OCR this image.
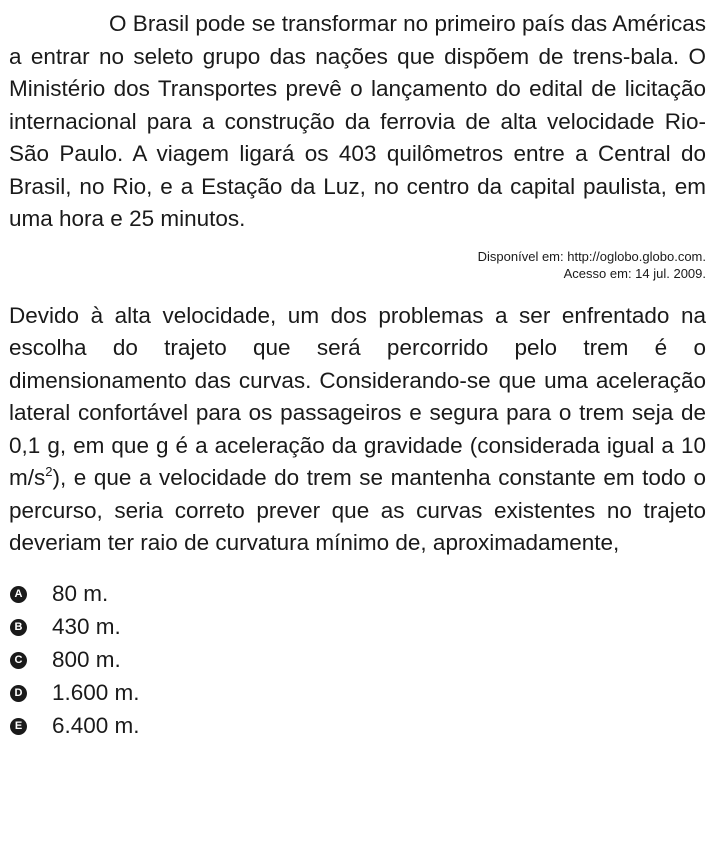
O Brasil pode se transformar no primeiro país das Américas a entrar no seleto grupo das nações que dispõem de trens-bala. O Ministério dos Transportes prevê o lançamento do edital de licitação internacional para a construção da ferrovia de alta velocidade Rio-São Paulo. A viagem ligará os 403 quilômetros entre a Central do Brasil, no Rio, e a Estação da Luz, no centro da capital paulista, em uma hora e 25 minutos.

Disponível em: http://oglobo.globo.com.
Acesso em: 14 jul. 2009.

Devido à alta velocidade, um dos problemas a ser enfrentado na escolha do trajeto que será percorrido pelo trem é o dimensionamento das curvas. Considerando-se que uma aceleração lateral confortável para os passageiros e segura para o trem seja de 0,1 g, em que g é a aceleração da gravidade (considerada igual a 10 $m/s^2$), e que a velocidade do trem se mantenha constante em todo o percurso, seria correto prever que as curvas existentes no trajeto deveriam ter raio de curvatura mínimo de, aproximadamente,

A 80 m.
B 430 m.
C 800 m.
D 1.600 m.
E 6.400 m.
